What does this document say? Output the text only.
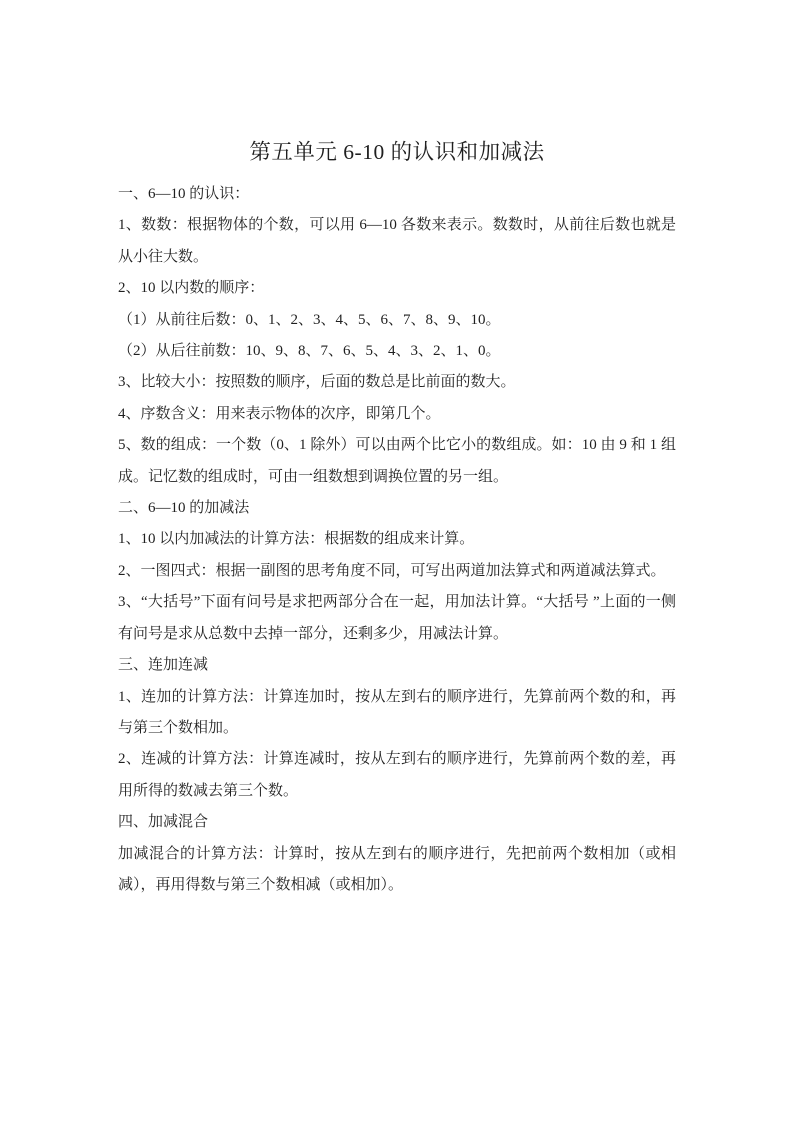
第五单元 6-10 的认识和加减法

一、6—10 的认识：

1、数数：根据物体的个数，可以用 6—10 各数来表示。数数时，从前往后数也就是从小往大数。

2、10 以内数的顺序：

（1）从前往后数：0、1、2、3、4、5、6、7、8、9、10。

（2）从后往前数：10、9、8、7、6、5、4、3、2、1、0。

3、比较大小：按照数的顺序，后面的数总是比前面的数大。

4、序数含义：用来表示物体的次序，即第几个。

5、数的组成：一个数（0、1 除外）可以由两个比它小的数组成。如：10 由 9 和 1 组成。记忆数的组成时，可由一组数想到调换位置的另一组。

二、6—10 的加减法

1、10 以内加减法的计算方法：根据数的组成来计算。

2、一图四式：根据一副图的思考角度不同，可写出两道加法算式和两道减法算式。

3、“大括号”下面有问号是求把两部分合在一起，用加法计算。“大括号 ”上面的一侧有问号是求从总数中去掉一部分，还剩多少，用减法计算。

三、连加连减

1、连加的计算方法：计算连加时，按从左到右的顺序进行，先算前两个数的和，再与第三个数相加。

2、连减的计算方法：计算连减时，按从左到右的顺序进行，先算前两个数的差，再用所得的数减去第三个数。

四、加减混合

加减混合的计算方法：计算时，按从左到右的顺序进行，先把前两个数相加（或相减），再用得数与第三个数相减（或相加）。
